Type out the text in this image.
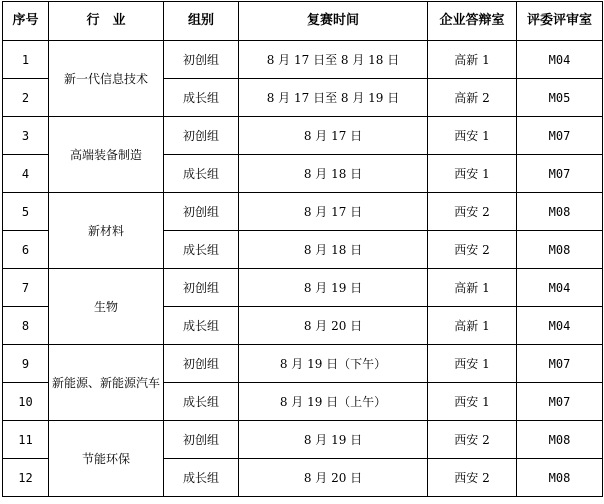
序号	行　业	组别	复赛时间	企业答辩室	评委评审室
1	新一代信息技术	初创组	8 月 17 日至 8 月 18 日	高新 1	M04
2		成长组	8 月 17 日至 8 月 19 日	高新 2	M05
3	高端装备制造	初创组	8 月 17 日	西安 1	M07
4		成长组	8 月 18 日	西安 1	M07
5	新材料	初创组	8 月 17 日	西安 2	M08
6		成长组	8 月 18 日	西安 2	M08
7	生物	初创组	8 月 19 日	高新 1	M04
8		成长组	8 月 20 日	高新 1	M04
9	新能源、新能源汽车	初创组	8 月 19 日（下午）	西安 1	M07
10		成长组	8 月 19 日（上午）	西安 1	M07
11	节能环保	初创组	8 月 19 日	西安 2	M08
12		成长组	8 月 20 日	西安 2	M08
